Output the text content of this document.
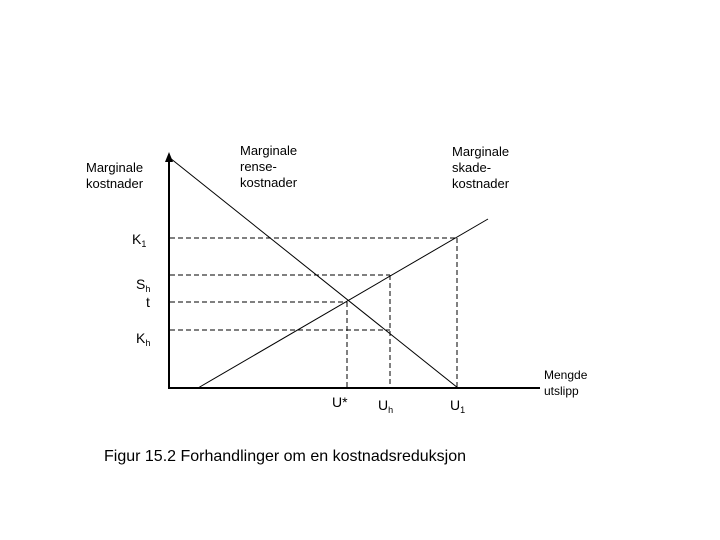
Marginale
kostnader
Marginale
rense-
kostnader
Marginale
skade-
kostnader
Mengde
utslipp
$K_1$
$S_h$
t
$K_h$
U* $U_h$	$U_1$
Figur 15.2 Forhandlinger om en kostnadsreduksjon
